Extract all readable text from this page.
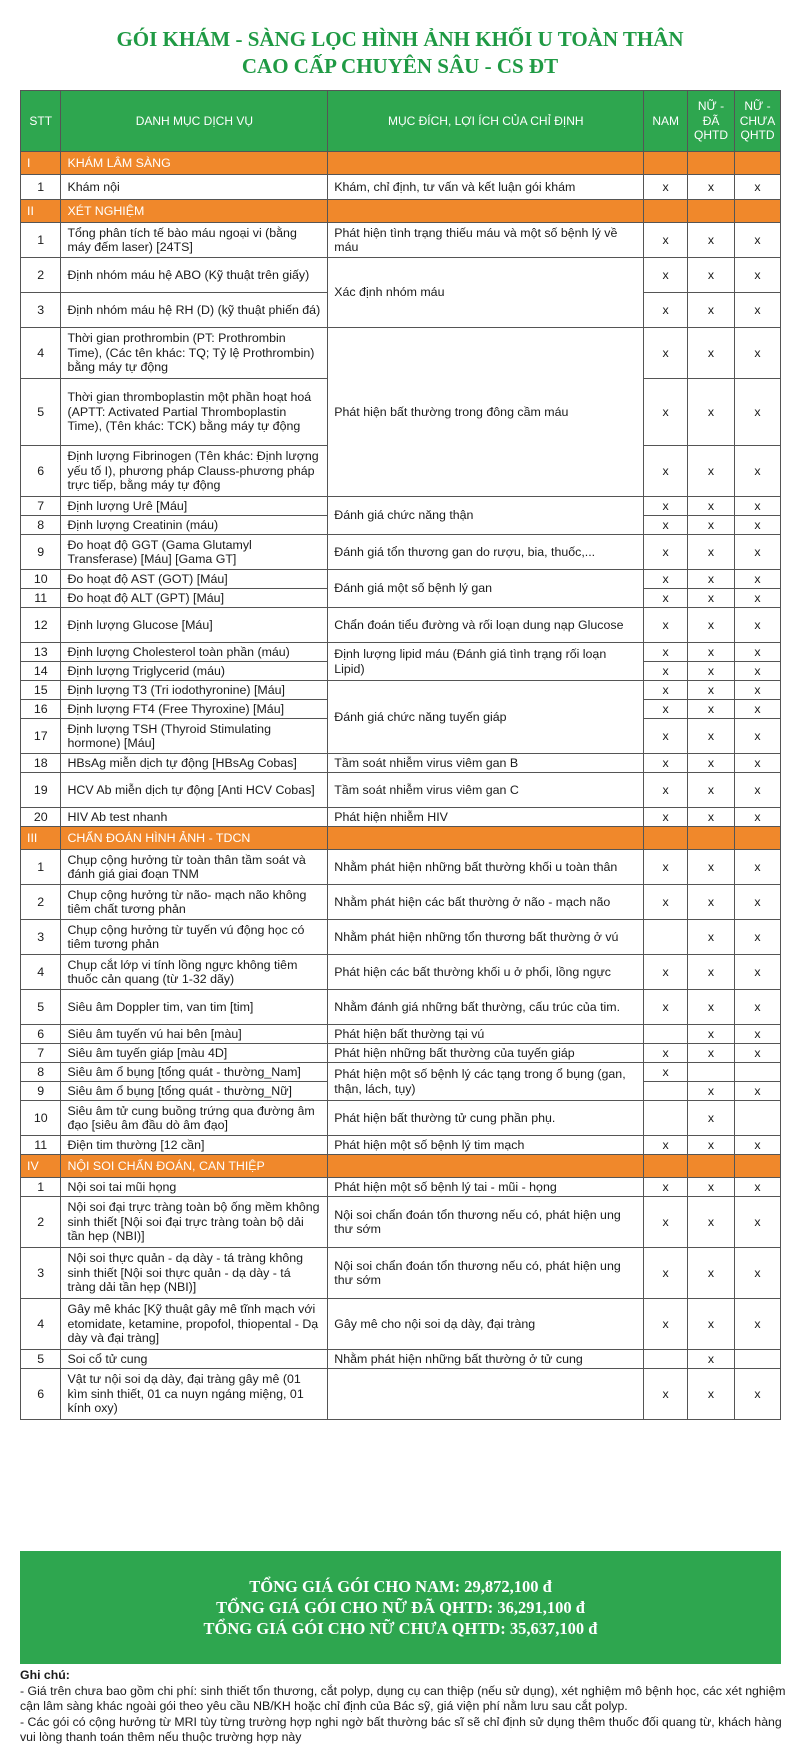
GÓI KHÁM - SÀNG LỌC HÌNH ẢNH KHỐI U TOÀN THÂN
CAO CẤP CHUYÊN SÂU - CS ĐT
STT	DANH MỤC DỊCH VỤ	MỤC ĐÍCH, LỢI ÍCH CỦA CHỈ ĐỊNH	NAM	NỮ - ĐÃ QHTD	NỮ - CHƯA QHTD
I	KHÁM LÂM SÀNG				
1	Khám nội	Khám, chỉ định, tư vấn và kết luận gói khám	x	x	x
II	XÉT NGHIỆM				
1	Tổng phân tích tế bào máu ngoại vi (bằng máy đếm laser) [24TS]	Phát hiện tình trạng thiếu máu và một số bệnh lý về máu	x	x	x
2	Định nhóm máu hệ ABO (Kỹ thuật trên giấy)	Xác định nhóm máu	x	x	x
3	Định nhóm máu hệ RH (D) (kỹ thuật phiến đá)		x	x	x
4	Thời gian prothrombin (PT: Prothrombin Time), (Các tên khác: TQ; Tỷ lệ Prothrombin) bằng máy tự động	Phát hiện bất thường trong đông cầm máu	x	x	x
5	Thời gian thromboplastin một phần hoạt hoá (APTT: Activated Partial Thromboplastin Time), (Tên khác: TCK) bằng máy tự động		x	x	x
6	Định lượng Fibrinogen (Tên khác: Định lượng yếu tố I), phương pháp Clauss-phương pháp trực tiếp, bằng máy tự động		x	x	x
7	Định lượng Urê [Máu]	Đánh giá chức năng thận	x	x	x
8	Định lượng Creatinin (máu)		x	x	x
9	Đo hoạt độ GGT (Gama Glutamyl Transferase) [Máu] [Gama GT]	Đánh giá tổn thương gan do rượu, bia, thuốc,...	x	x	x
10	Đo hoạt độ AST (GOT) [Máu]	Đánh giá một số bệnh lý gan	x	x	x
11	Đo hoạt độ ALT (GPT) [Máu]		x	x	x
12	Định lượng Glucose [Máu]	Chẩn đoán tiểu đường và rối loạn dung nạp Glucose	x	x	x
13	Định lượng Cholesterol toàn phần (máu)	Định lượng lipid máu (Đánh giá tình trạng rối loạn Lipid)	x	x	x
14	Định lượng Triglycerid (máu)		x	x	x
15	Định lượng T3 (Tri iodothyronine) [Máu]	Đánh giá chức năng tuyến giáp	x	x	x
16	Định lượng FT4 (Free Thyroxine) [Máu]		x	x	x
17	Định lượng TSH (Thyroid Stimulating hormone) [Máu]		x	x	x
18	HBsAg miễn dịch tự động [HBsAg Cobas]	Tầm soát nhiễm virus viêm gan B	x	x	x
19	HCV Ab miễn dịch tự động [Anti HCV Cobas]	Tầm soát nhiễm virus viêm gan C	x	x	x
20	HIV Ab test nhanh	Phát hiện nhiễm HIV	x	x	x
III	CHẨN ĐOÁN HÌNH ẢNH - TDCN				
1	Chụp cộng hưởng từ toàn thân tầm soát và đánh giá giai đoạn TNM	Nhằm phát hiện những bất thường khối u toàn thân	x	x	x
2	Chụp cộng hưởng từ não- mạch não không tiêm chất tương phản	Nhằm phát hiện các bất thường ở não - mạch não	x	x	x
3	Chụp cộng hưởng từ tuyến vú động học có tiêm tương phản	Nhằm phát hiện những tổn thương bất thường ở vú		x	x
4	Chụp cắt lớp vi tính lồng ngực không tiêm thuốc cản quang (từ 1-32 dãy)	Phát hiện các bất thường khối u ở phổi, lồng ngực	x	x	x
5	Siêu âm Doppler tim, van tim [tim]	Nhằm đánh giá những bất thường, cấu trúc của tim.	x	x	x
6	Siêu âm tuyến vú hai bên [màu]	Phát hiện bất thường tại vú		x	x
7	Siêu âm tuyến giáp [màu 4D]	Phát hiện những bất thường của tuyến giáp	x	x	x
8	Siêu âm ổ bụng [tổng quát - thường_Nam]	Phát hiện một số bệnh lý các tạng trong ổ bụng (gan, thận, lách, tụy)	x		
9	Siêu âm ổ bụng [tổng quát - thường_Nữ]			x	x
10	Siêu âm tử cung buồng trứng qua đường âm đạo [siêu âm đầu dò âm đạo]	Phát hiện bất thường tử cung phần phụ.		x	
11	Điện tim thường [12 cần]	Phát hiện một số bệnh lý tim mạch	x	x	x
IV	NỘI SOI CHẨN ĐOÁN, CAN THIỆP				
1	Nội soi tai mũi họng	Phát hiện một số bệnh lý tai - mũi - họng	x	x	x
2	Nội soi đại trực tràng toàn bộ ống mềm không sinh thiết [Nội soi đại trực tràng toàn bộ dải tần hẹp (NBI)]	Nội soi chẩn đoán tổn thương nếu có, phát hiện ung thư sớm	x	x	x
3	Nội soi thực quản - dạ dày - tá tràng không sinh thiết [Nội soi thực quản - dạ dày - tá tràng dải tần hẹp (NBI)]	Nội soi chẩn đoán tổn thương nếu có, phát hiện ung thư sớm	x	x	x
4	Gây mê khác [Kỹ thuật gây mê tĩnh mạch với etomidate, ketamine, propofol, thiopental - Dạ dày và đại tràng]	Gây mê cho nội soi dạ dày, đại tràng	x	x	x
5	Soi cổ tử cung	Nhằm phát hiện những bất thường ở tử cung		x	
6	Vật tư nội soi dạ dày, đại tràng gây mê (01 kìm sinh thiết, 01 ca nuyn ngáng miệng, 01 kính oxy)		x	x	x
TỔNG GIÁ GÓI CHO NAM: 29,872,100 đ
TỔNG GIÁ GÓI CHO NỮ ĐÃ QHTD: 36,291,100 đ
TỔNG GIÁ GÓI CHO NỮ CHƯA QHTD: 35,637,100 đ
Ghi chú:
- Giá trên chưa bao gồm chi phí: sinh thiết tổn thương, cắt polyp, dụng cụ can thiệp (nếu sử dụng), xét nghiệm mô bệnh học, các xét nghiệm cận lâm sàng khác ngoài gói theo yêu cầu NB/KH hoặc chỉ định của Bác sỹ, giá viện phí nằm lưu sau cắt polyp.
- Các gói có cộng hưởng từ MRI tùy từng trường hợp nghi ngờ bất thường bác sĩ sẽ chỉ định sử dụng thêm thuốc đối quang từ, khách hàng vui lòng thanh toán thêm nếu thuộc trường hợp này
